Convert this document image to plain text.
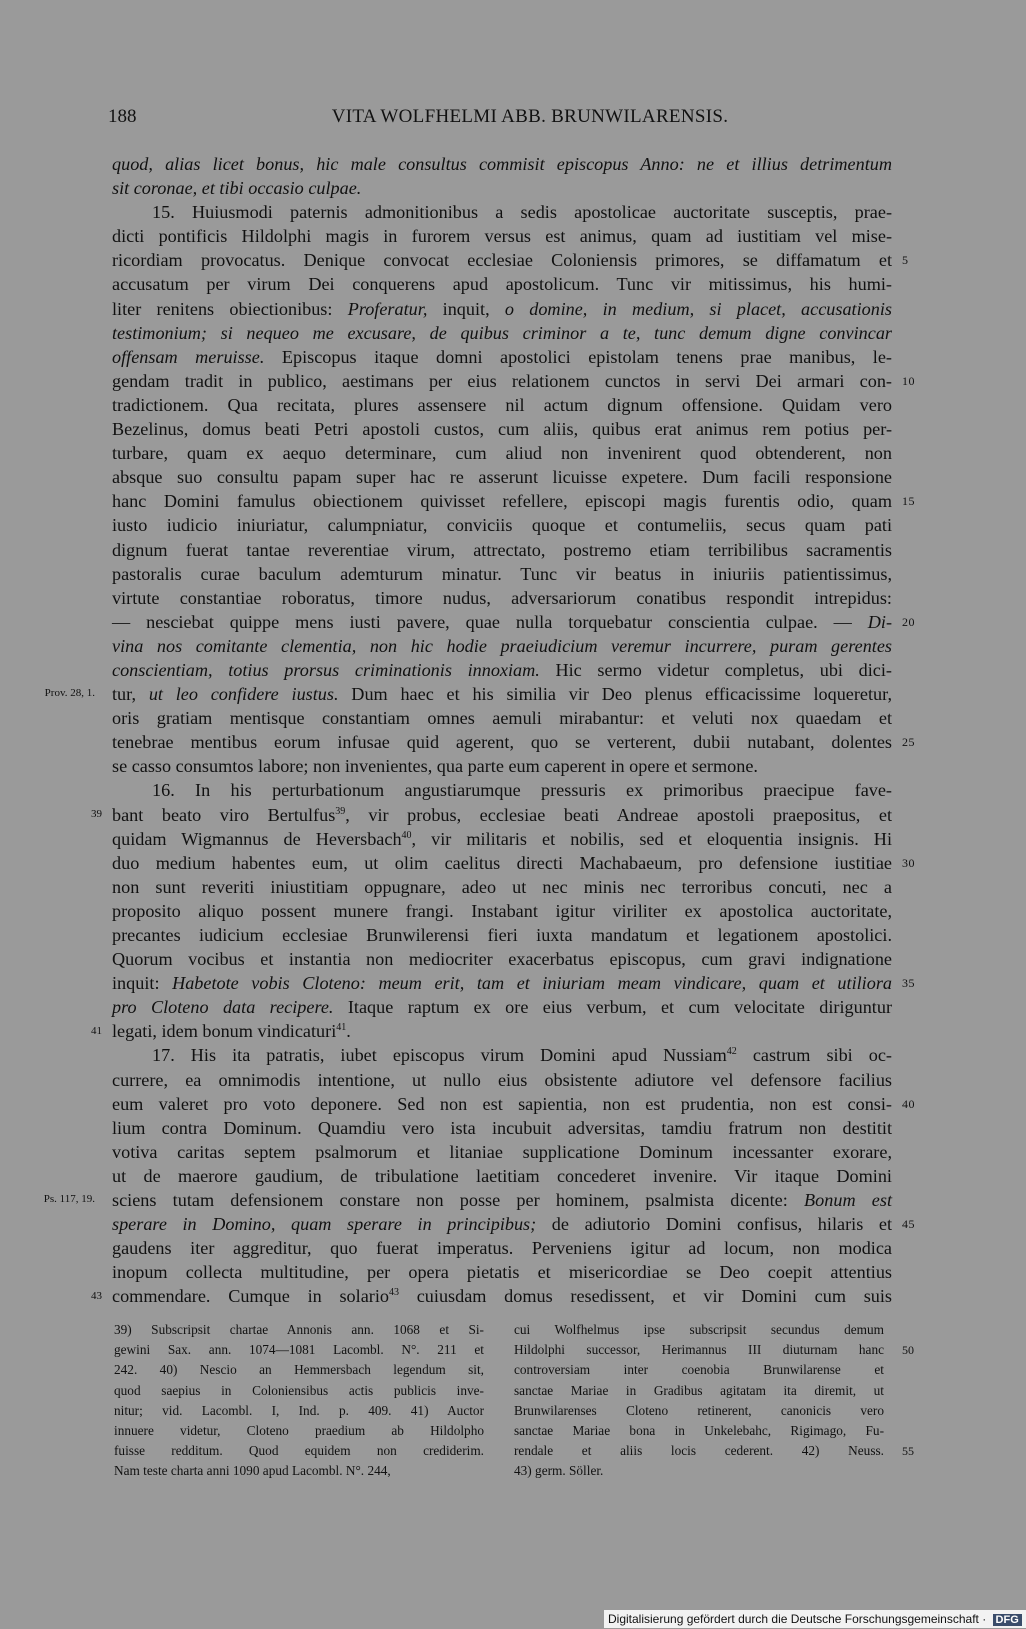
188	VITA WOLFHELMI ABB. BRUNWILARENSIS.
quod, alias licet bonus, hic male consultus commisit episcopus Anno: ne et illius detrimentum
sit coronae, et tibi occasio culpae.
15. Huiusmodi paternis admonitionibus a sedis apostolicae auctoritate susceptis, prae-
dicti pontificis Hildolphi magis in furorem versus est animus, quam ad iustitiam vel mise-
ricordiam provocatus. Denique convocat ecclesiae Coloniensis primores, se diffamatum et
accusatum per virum Dei conquerens apud apostolicum. Tunc vir mitissimus, his humi-
liter renitens obiectionibus: Proferatur, inquit, o domine, in medium, si placet, accusationis
testimonium; si nequeo me excusare, de quibus criminor a te, tunc demum digne convincar
offensam meruisse. Episcopus itaque domni apostolici epistolam tenens prae manibus, le-
gendam tradit in publico, aestimans per eius relationem cunctos in servi Dei armari con-
tradictionem. Qua recitata, plures assensere nil actum dignum offensione. Quidam vero
Bezelinus, domus beati Petri apostoli custos, cum aliis, quibus erat animus rem potius per-
turbare, quam ex aequo determinare, cum aliud non invenirent quod obtenderent, non
absque suo consultu papam super hac re asserunt licuisse expetere. Dum facili responsione
hanc Domini famulus obiectionem quivisset refellere, episcopi magis furentis odio, quam
iusto iudicio iniuriatur, calumpniatur, conviciis quoque et contumeliis, secus quam pati
dignum fuerat tantae reverentiae virum, attrectato, postremo etiam terribilibus sacramentis
pastoralis curae baculum ademturum minatur. Tunc vir beatus in iniuriis patientissimus,
virtute constantiae roboratus, timore nudus, adversariorum conatibus respondit intrepidus:
— nesciebat quippe mens iusti pavere, quae nulla torquebatur conscientia culpae. — Di-
vina nos comitante clementia, non hic hodie praeiudicium veremur incurrere, puram gerentes
conscientiam, totius prorsus criminationis innoxiam. Hic sermo videtur completus, ubi dici-
tur, ut leo confidere iustus. Dum haec et his similia vir Deo plenus efficacissime loqueretur,
oris gratiam mentisque constantiam omnes aemuli mirabantur: et veluti nox quaedam et
tenebrae mentibus eorum infusae quid agerent, quo se verterent, dubii nutabant, dolentes
se casso consumtos labore; non invenientes, qua parte eum caperent in opere et sermone.
16. In his perturbationum angustiarumque pressuris ex primoribus praecipue fave-
bant beato viro Bertulfus$^{39}$, vir probus, ecclesiae beati Andreae apostoli praepositus, et
quidam Wigmannus de Heversbach$^{40}$, vir militaris et nobilis, sed et eloquentia insignis. Hi
duo medium habentes eum, ut olim caelitus directi Machabaeum, pro defensione iustitiae
non sunt reveriti iniustitiam oppugnare, adeo ut nec minis nec terroribus concuti, nec a
proposito aliquo possent munere frangi. Instabant igitur viriliter ex apostolica auctoritate,
precantes iudicium ecclesiae Brunwilerensi fieri iuxta mandatum et legationem apostolici.
Quorum vocibus et instantia non mediocriter exacerbatus episcopus, cum gravi indignatione
inquit: Habetote vobis Cloteno: meum erit, tam et iniuriam meam vindicare, quam et utiliora
pro Cloteno data recipere. Itaque raptum ex ore eius verbum, et cum velocitate diriguntur
legati, idem bonum vindicaturi$^{41}$.
17. His ita patratis, iubet episcopus virum Domini apud Nussiam$^{42}$ castrum sibi oc-
currere, ea omnimodis intentione, ut nullo eius obsistente adiutore vel defensore facilius
eum valeret pro voto deponere. Sed non est sapientia, non est prudentia, non est consi-
lium contra Dominum. Quamdiu vero ista incubuit adversitas, tamdiu fratrum non destitit
votiva caritas septem psalmorum et litaniae supplicatione Dominum incessanter exorare,
ut de maerore gaudium, de tribulatione laetitiam concederet invenire. Vir itaque Domini
sciens tutam defensionem constare non posse per hominem, psalmista dicente: Bonum est
sperare in Domino, quam sperare in principibus; de adiutorio Domini confisus, hilaris et
gaudens iter aggreditur, quo fuerat imperatus. Perveniens igitur ad locum, non modica
inopum collecta multitudine, per opera pietatis et misericordiae se Deo coepit attentius
commendare. Cumque in solario$^{43}$ cuiusdam domus resedissent, et vir Domini cum suis
5
10
15
20
25
30
35
40
45
Prov. 28, 1.
39
41
Ps. 117, 19.
43
39) Subscripsit chartae Annonis ann. 1068 et Si-
gewini Sax. ann. 1074—1081 Lacombl. N°. 211 et
242. 40) Nescio an Hemmersbach legendum sit,
quod saepius in Coloniensibus actis publicis inve-
nitur; vid. Lacombl. I, Ind. p. 409. 41) Auctor
innuere videtur, Cloteno praedium ab Hildolpho
fuisse redditum. Quod equidem non crediderim.
Nam teste charta anni 1090 apud Lacombl. N°. 244,
cui Wolfhelmus ipse subscripsit secundus demum
Hildolphi successor, Herimannus III diuturnam hanc
controversiam inter coenobia Brunwilarense et
sanctae Mariae in Gradibus agitatam ita diremit, ut
Brunwilarenses Cloteno retinerent, canonicis vero
sanctae Mariae bona in Unkelebahc, Rigimago, Fu-
rendale et aliis locis cederent. 42) Neuss.
43) germ. Söller.
50
55
Digitalisierung gefördert durch die Deutsche Forschungsgemeinschaft · DFG
